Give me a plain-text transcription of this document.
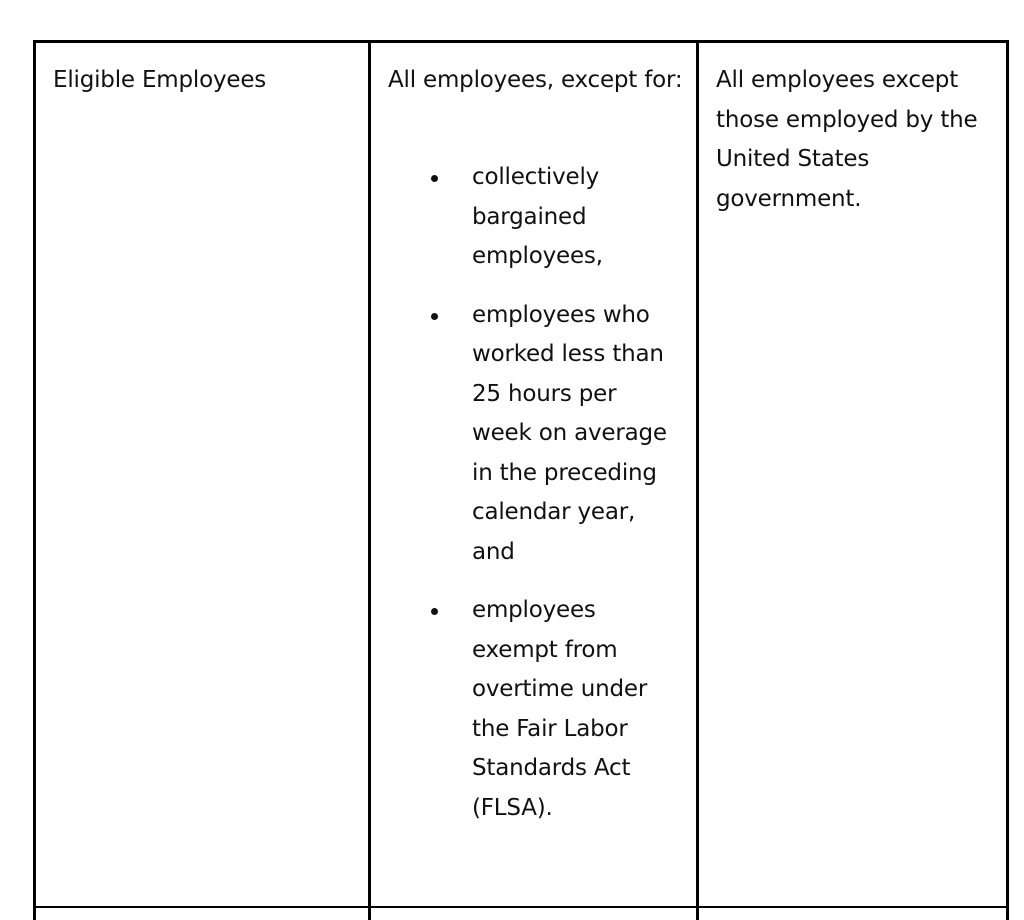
Eligible Employees	All employees, except for:
collectively bargained employees,
employees who worked less than 25 hours per week on average in the preceding calendar year, and
employees exempt from overtime under the Fair Labor Standards Act (FLSA).
All employees except those employed by the United States government.
